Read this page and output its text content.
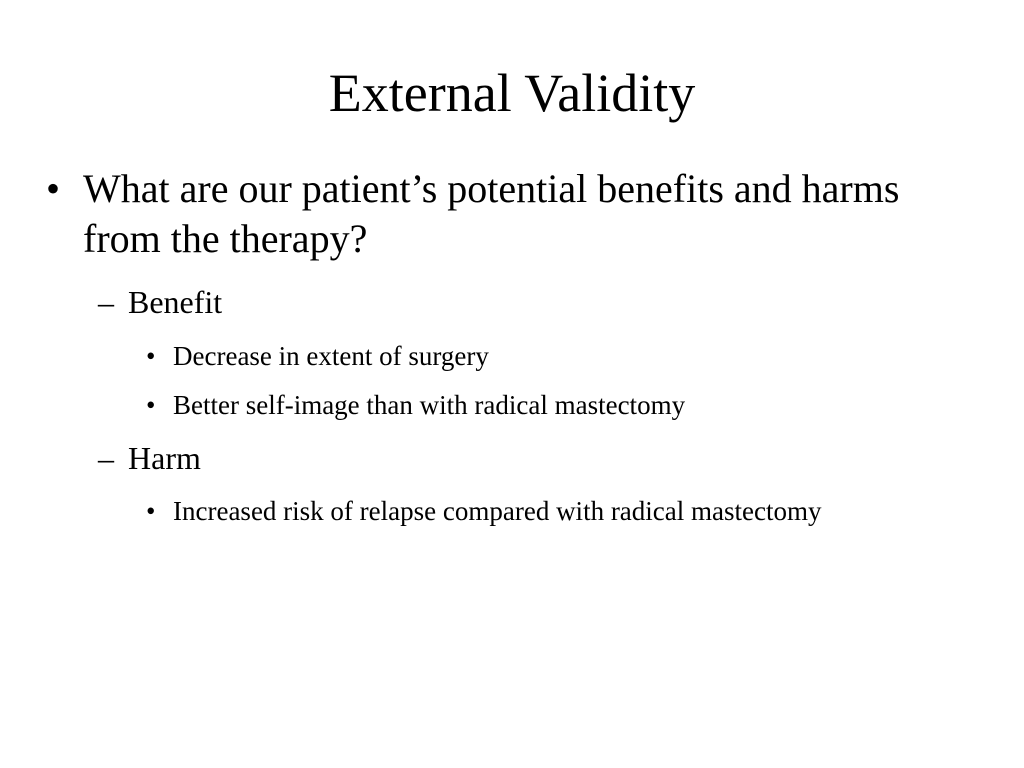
External Validity
• What are our patient’s potential benefits and harms from the therapy?
– Benefit
• Decrease in extent of surgery
• Better self-image than with radical mastectomy
– Harm
• Increased risk of relapse compared with radical mastectomy
